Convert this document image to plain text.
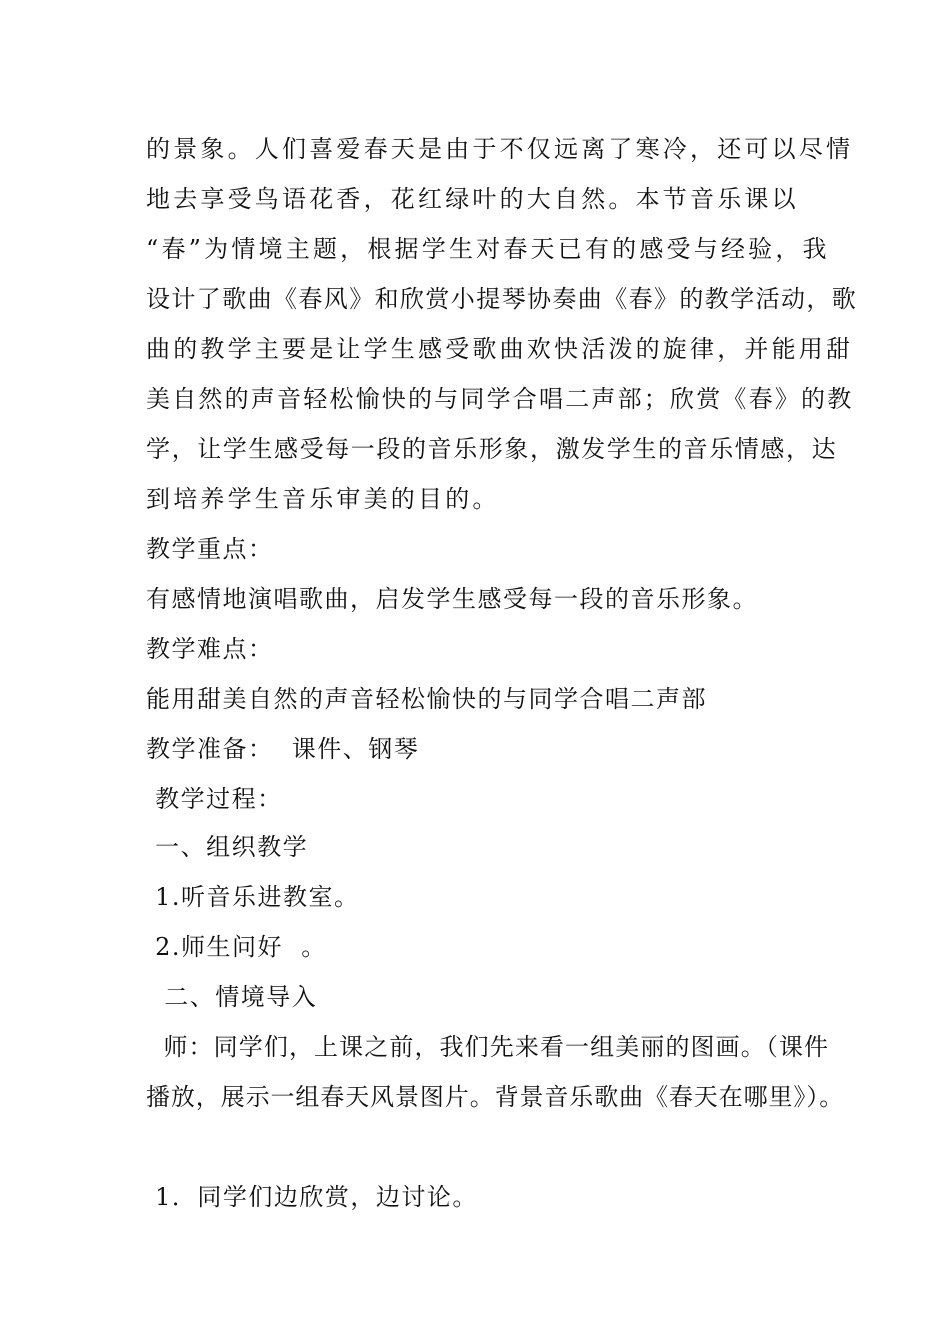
的景象。人们喜爱春天是由于不仅远离了寒冷，还可以尽情
地去享受鸟语花香，花红绿叶的大自然。本节音乐课以
“春”为情境主题，根据学生对春天已有的感受与经验，我
设计了歌曲《春风》和欣赏小提琴协奏曲《春》的教学活动，歌
曲的教学主要是让学生感受歌曲欢快活泼的旋律，并能用甜
美自然的声音轻松愉快的与同学合唱二声部；欣赏《春》的教
学，让学生感受每一段的音乐形象，激发学生的音乐情感，达
到培养学生音乐审美的目的。
教学重点：
有感情地演唱歌曲，启发学生感受每一段的音乐形象。
教学难点：
能用甜美自然的声音轻松愉快的与同学合唱二声部
教学准备：  课件、钢琴
教学过程：
一、组织教学
1.听音乐进教室。
2.师生问好  。
二、情境导入
师：同学们，上课之前，我们先来看一组美丽的图画。（课件
播放，展示一组春天风景图片。背景音乐歌曲《春天在哪里》）。
1．同学们边欣赏，边讨论。
